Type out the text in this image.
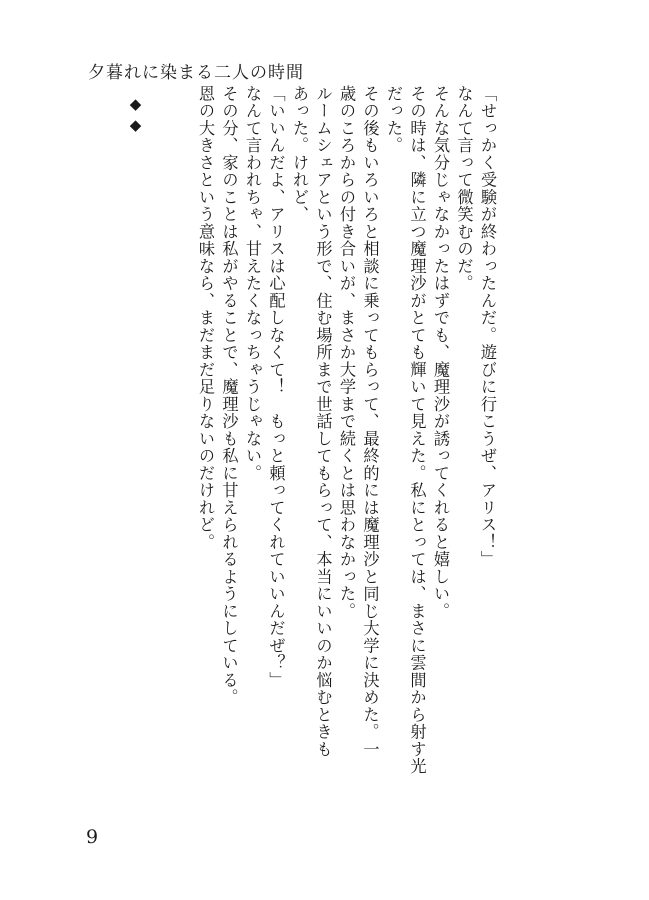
夕暮れに染まる二人の時間
「せっかく受験が終わったんだ。遊びに行こうぜ、アリス！」
なんて言って微笑むのだ。
そんな気分じゃなかったはずでも、魔理沙が誘ってくれると嬉しい。
その時は、隣に立つ魔理沙がとても輝いて見えた。私にとっては、まさに雲間から射す光
だった。
その後もいろいろと相談に乗ってもらって、最終的には魔理沙と同じ大学に決めた。一
歳のころからの付き合いが、まさか大学まで続くとは思わなかった。
ルームシェアという形で、住む場所まで世話してもらって、本当にいいのか悩むときも
あった。けれど、
「いいんだよ、アリスは心配しなくて！　もっと頼ってくれていいんだぜ？」
なんて言われちゃ、甘えたくなっちゃうじゃない。
その分、家のことは私がやることで、魔理沙も私に甘えられるようにしている。
恩の大きさという意味なら、まだまだ足りないのだけれど。
◆◆
9
